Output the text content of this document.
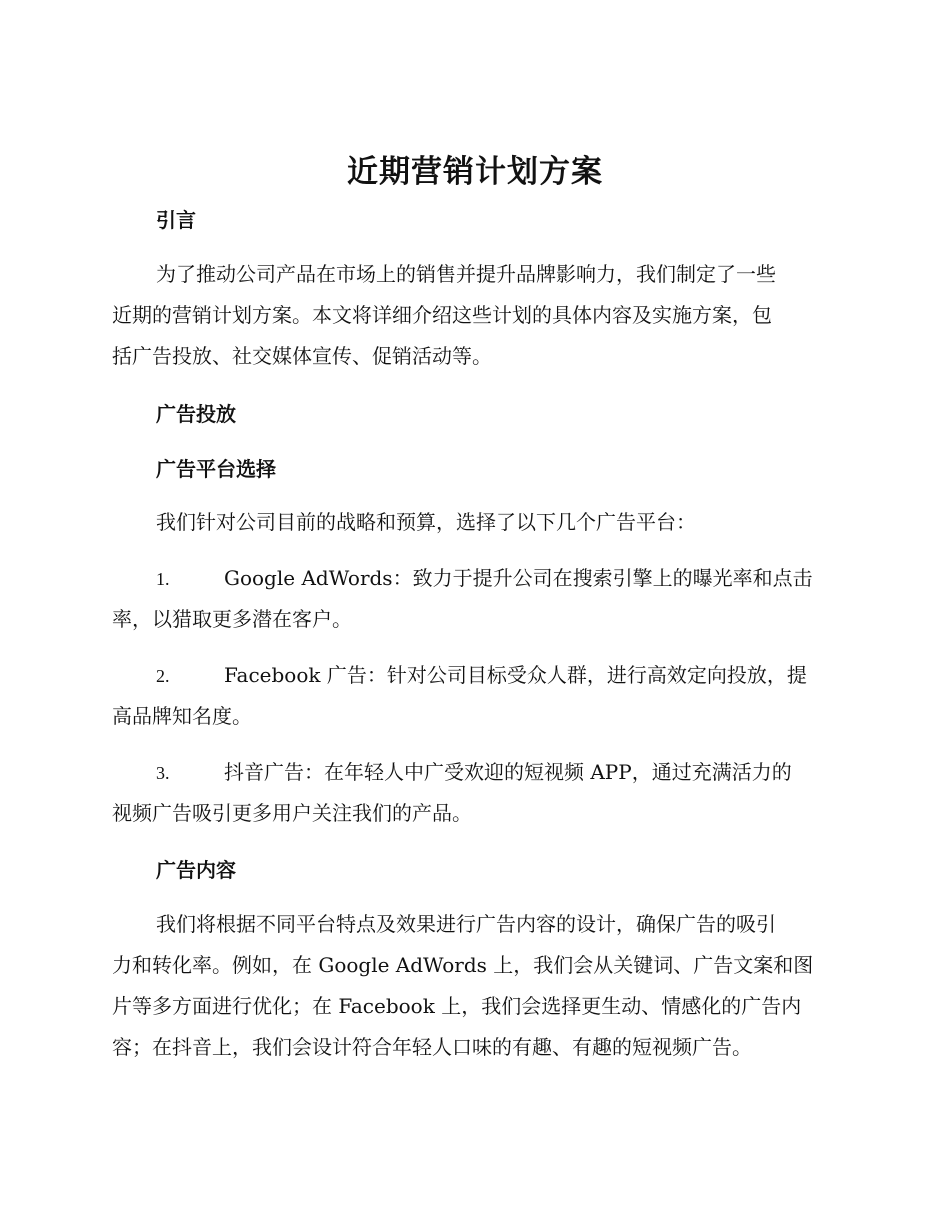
近期营销计划方案
引言
为了推动公司产品在市场上的销售并提升品牌影响力，我们制定了一些
近期的营销计划方案。本文将详细介绍这些计划的具体内容及实施方案，包
括广告投放、社交媒体宣传、促销活动等。
广告投放
广告平台选择
我们针对公司目前的战略和预算，选择了以下几个广告平台：
1.	Google AdWords：致力于提升公司在搜索引擎上的曝光率和点击
率，以猎取更多潜在客户。
2.	Facebook 广告：针对公司目标受众人群，进行高效定向投放，提
高品牌知名度。
3.	抖音广告：在年轻人中广受欢迎的短视频 APP，通过充满活力的
视频广告吸引更多用户关注我们的产品。
广告内容
我们将根据不同平台特点及效果进行广告内容的设计，确保广告的吸引
力和转化率。例如，在 Google AdWords 上，我们会从关键词、广告文案和图
片等多方面进行优化；在 Facebook 上，我们会选择更生动、情感化的广告内
容；在抖音上，我们会设计符合年轻人口味的有趣、有趣的短视频广告。
